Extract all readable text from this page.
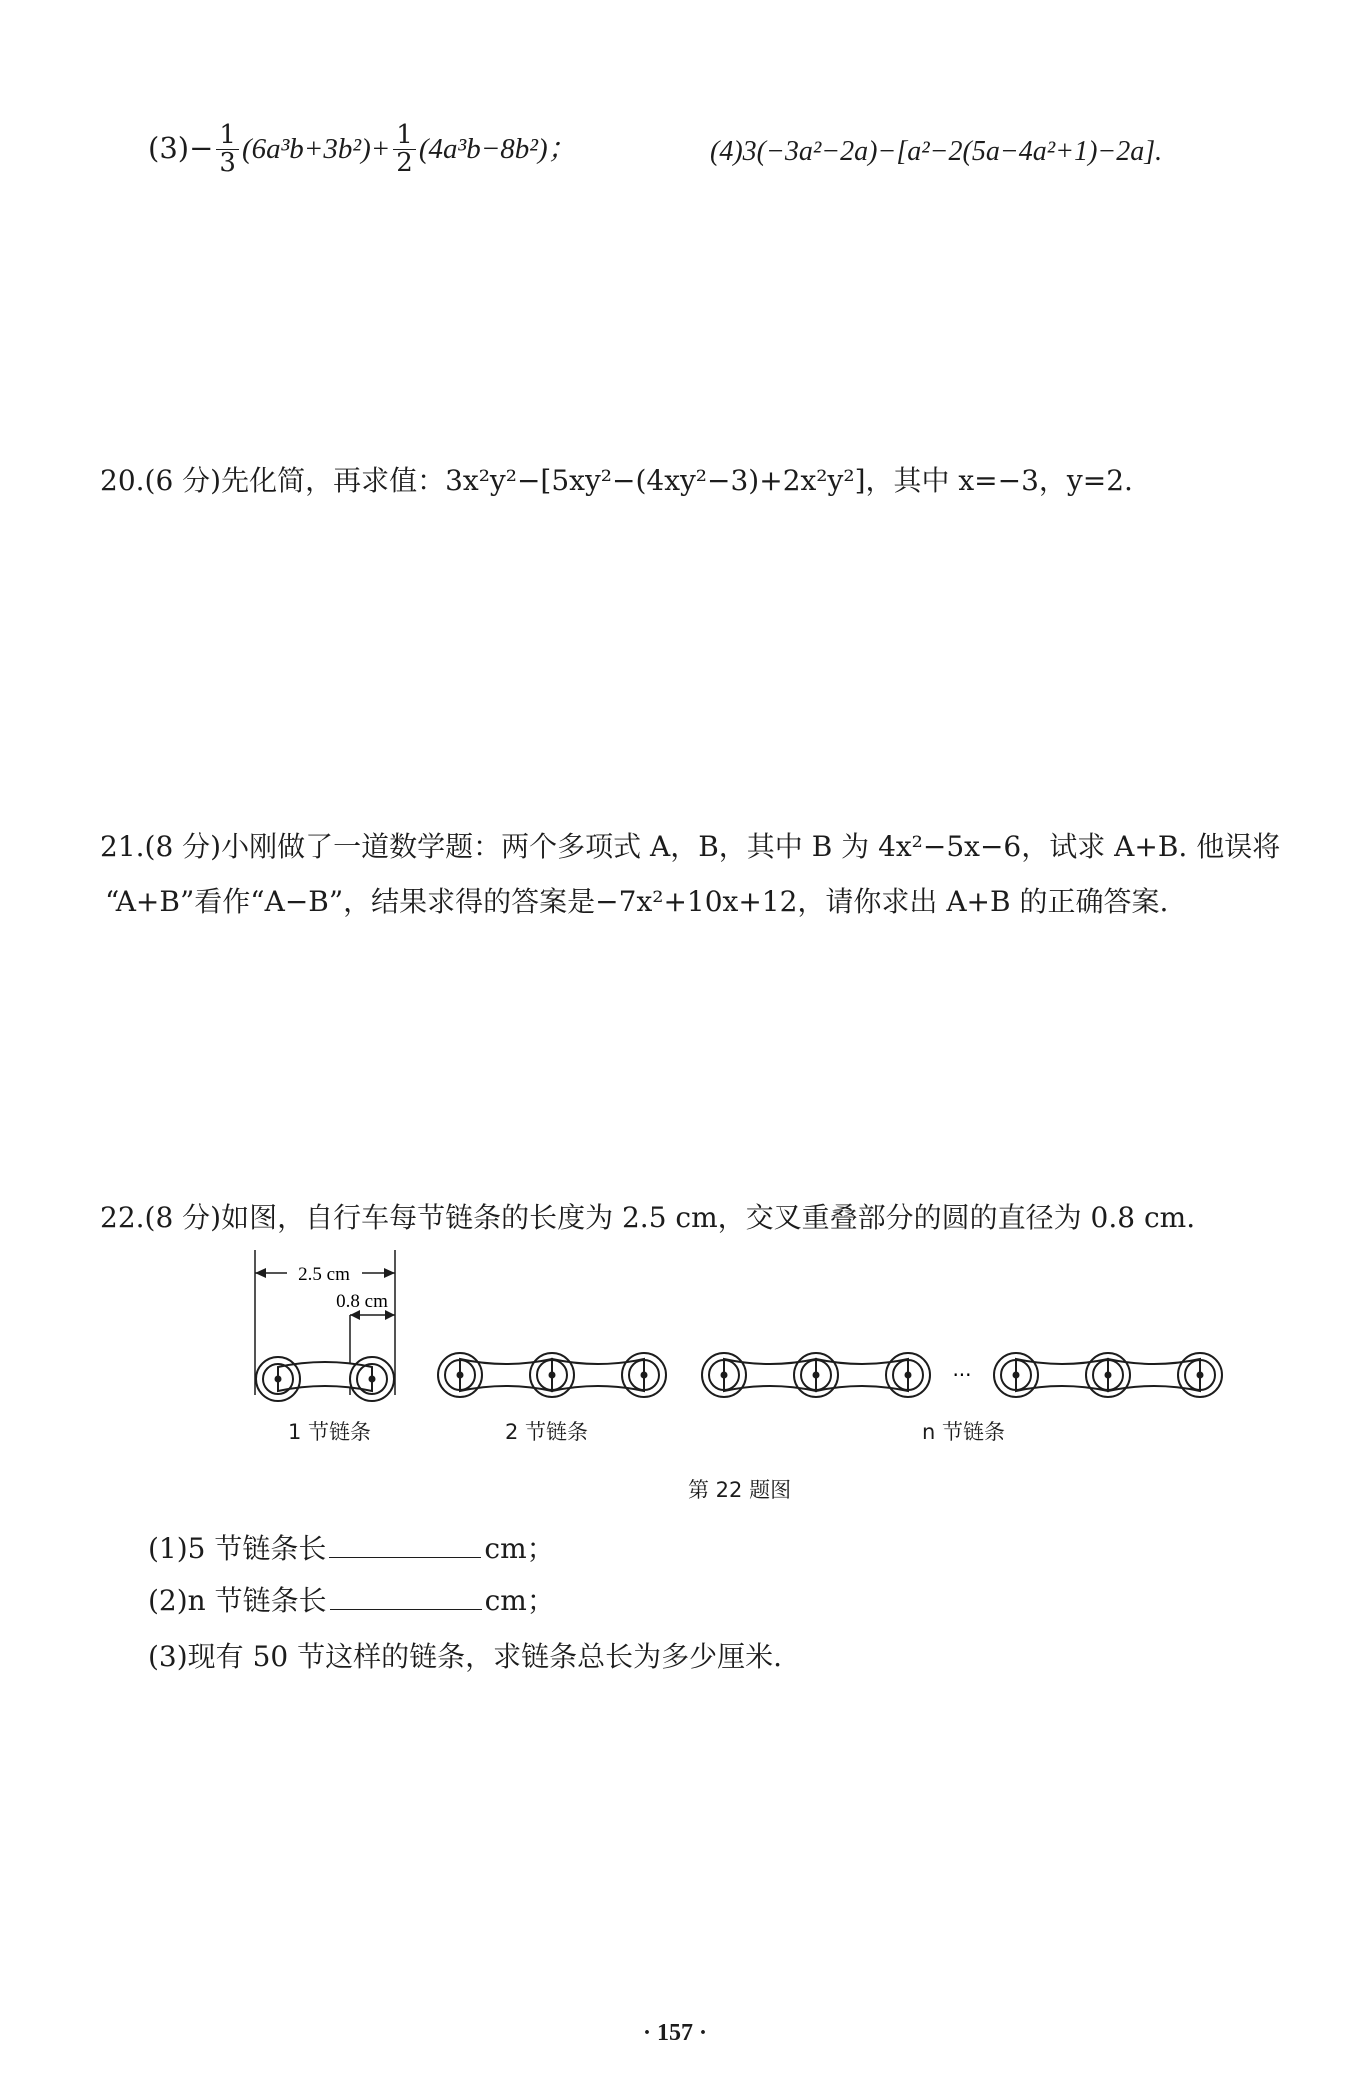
$(3)- \frac{1}{3} (6a^3b+3b^2)+ \frac{1}{2} (4a^3b-8b^2)$；	(4)3(−3a²−2a)−[a²−2(5a−4a²+1)−2a].
20.(6 分)先化简，再求值：3x²y²−[5xy²−(4xy²−3)+2x²y²]，其中 x=−3，y=2.
21.(8 分)小刚做了一道数学题：两个多项式 A，B，其中 B 为 4x²−5x−6，试求 A+B. 他误将
“A+B”看作“A−B”，结果求得的答案是−7x²+10x+12，请你求出 A+B 的正确答案.
22.(8 分)如图，自行车每节链条的长度为 2.5 cm，交叉重叠部分的圆的直径为 0.8 cm.
2.5 cm
0.8 cm
···
1 节链条	2 节链条	n 节链条
第 22 题图
(1)5 节链条长	cm；
(2)n 节链条长	cm；
(3)现有 50 节这样的链条，求链条总长为多少厘米.
· 157 ·
